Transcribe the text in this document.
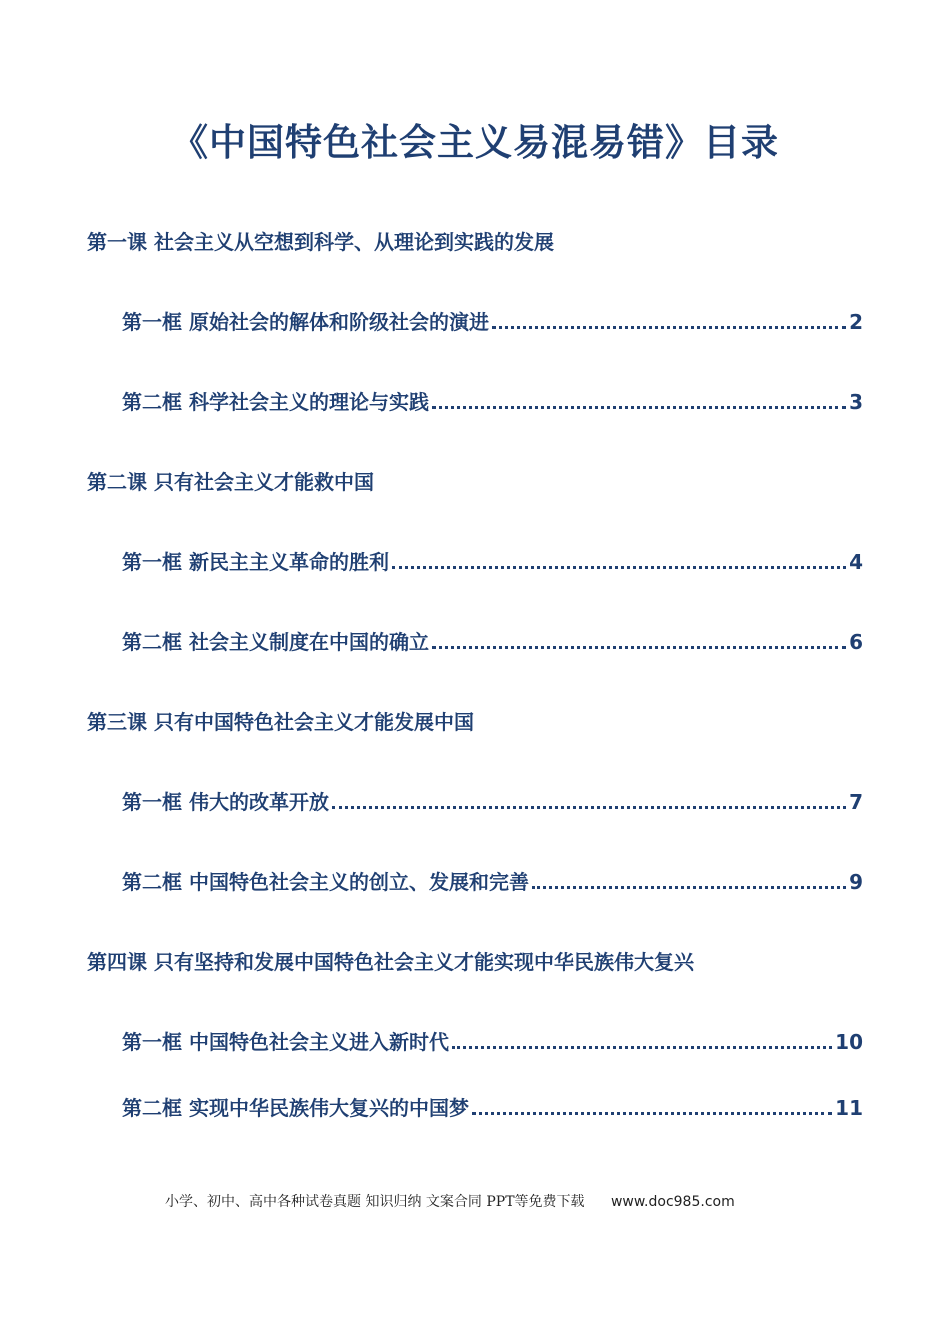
《中国特色社会主义易混易错》目录
第一课 社会主义从空想到科学、从理论到实践的发展
第一框 原始社会的解体和阶级社会的演进	2
第二框 科学社会主义的理论与实践	3
第二课 只有社会主义才能救中国
第一框 新民主主义革命的胜利	4
第二框 社会主义制度在中国的确立	6
第三课 只有中国特色社会主义才能发展中国
第一框 伟大的改革开放	7
第二框 中国特色社会主义的创立、发展和完善	9
第四课 只有坚持和发展中国特色社会主义才能实现中华民族伟大复兴
第一框 中国特色社会主义进入新时代	10
第二框 实现中华民族伟大复兴的中国梦	11
小学、初中、高中各种试卷真题 知识归纳 文案合同 PPT等免费下载 www.doc985.com
